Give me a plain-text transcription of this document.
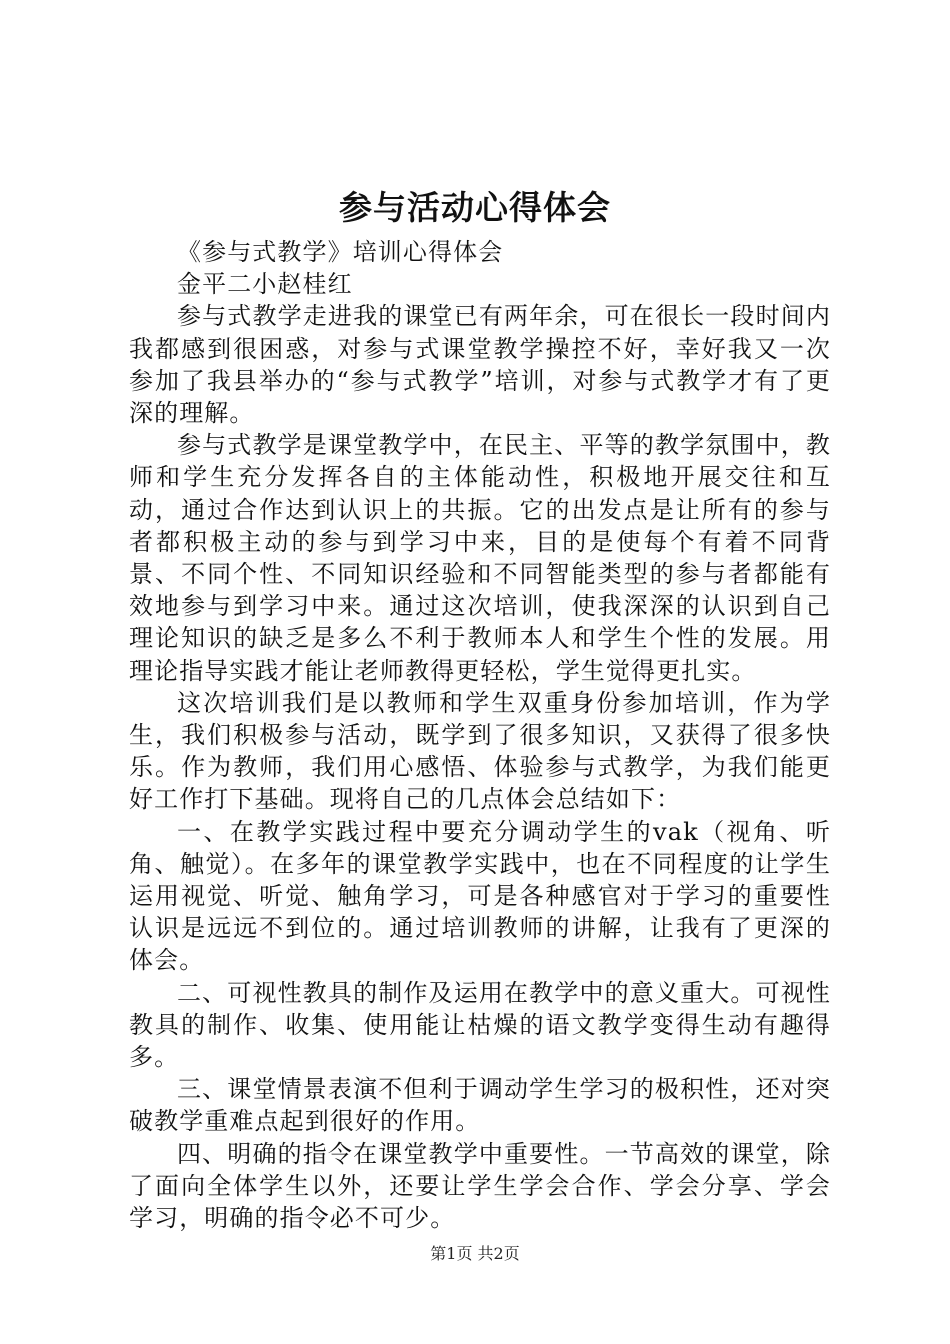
参与活动心得体会

《参与式教学》培训心得体会

金平二小赵桂红

参与式教学走进我的课堂已有两年余，可在很长一段时间内我都感到很困惑，对参与式课堂教学操控不好，幸好我又一次参加了我县举办的“参与式教学”培训，对参与式教学才有了更深的理解。

参与式教学是课堂教学中，在民主、平等的教学氛围中，教师和学生充分发挥各自的主体能动性，积极地开展交往和互动，通过合作达到认识上的共振。它的出发点是让所有的参与者都积极主动的参与到学习中来，目的是使每个有着不同背景、不同个性、不同知识经验和不同智能类型的参与者都能有效地参与到学习中来。通过这次培训，使我深深的认识到自己理论知识的缺乏是多么不利于教师本人和学生个性的发展。用理论指导实践才能让老师教得更轻松，学生觉得更扎实。

这次培训我们是以教师和学生双重身份参加培训，作为学生，我们积极参与活动，既学到了很多知识，又获得了很多快乐。作为教师，我们用心感悟、体验参与式教学，为我们能更好工作打下基础。现将自己的几点体会总结如下：

一、在教学实践过程中要充分调动学生的vak（视角、听角、触觉）。在多年的课堂教学实践中，也在不同程度的让学生运用视觉、听觉、触角学习，可是各种感官对于学习的重要性认识是远远不到位的。通过培训教师的讲解，让我有了更深的体会。

二、可视性教具的制作及运用在教学中的意义重大。可视性教具的制作、收集、使用能让枯燥的语文教学变得生动有趣得多。

三、课堂情景表演不但利于调动学生学习的极积性，还对突破教学重难点起到很好的作用。

四、明确的指令在课堂教学中重要性。一节高效的课堂，除了面向全体学生以外，还要让学生学会合作、学会分享、学会学习，明确的指令必不可少。

第1页 共2页
